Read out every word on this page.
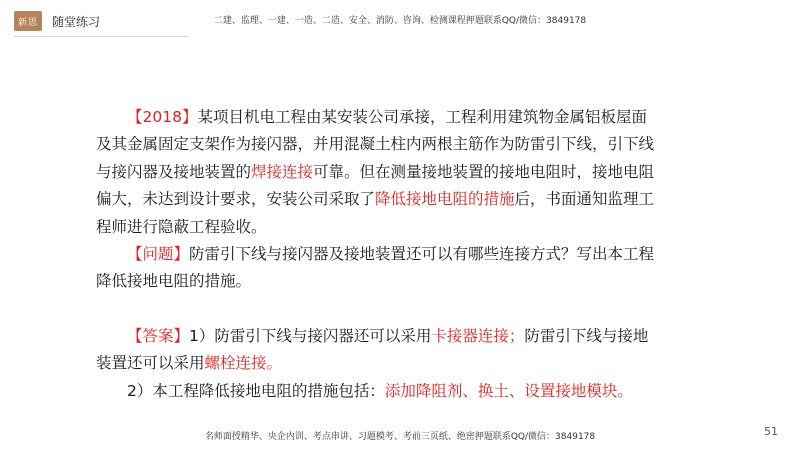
新思 随堂练习	二建、监理、一建、一造、二造、安全、消防、咨询、检测课程押题联系QQ/微信：3849178

【2018】某项目机电工程由某安装公司承接，工程利用建筑物金属铝板屋面及其金属固定支架作为接闪器，并用混凝土柱内两根主筋作为防雷引下线，引下线与接闪器及接地装置的焊接连接可靠。但在测量接地装置的接地电阻时，接地电阻偏大，未达到设计要求，安装公司采取了降低接地电阻的措施后，书面通知监理工程师进行隐蔽工程验收。

【问题】防雷引下线与接闪器及接地装置还可以有哪些连接方式？写出本工程降低接地电阻的措施。

【答案】1）防雷引下线与接闪器还可以采用卡接器连接；防雷引下线与接地装置还可以采用螺栓连接。

2）本工程降低接地电阻的措施包括：添加降阻剂、换土、设置接地模块。

51
名师面授精华、央企内训、考点串讲、习题模考、考前三页纸、绝密押题联系QQ/微信：3849178
